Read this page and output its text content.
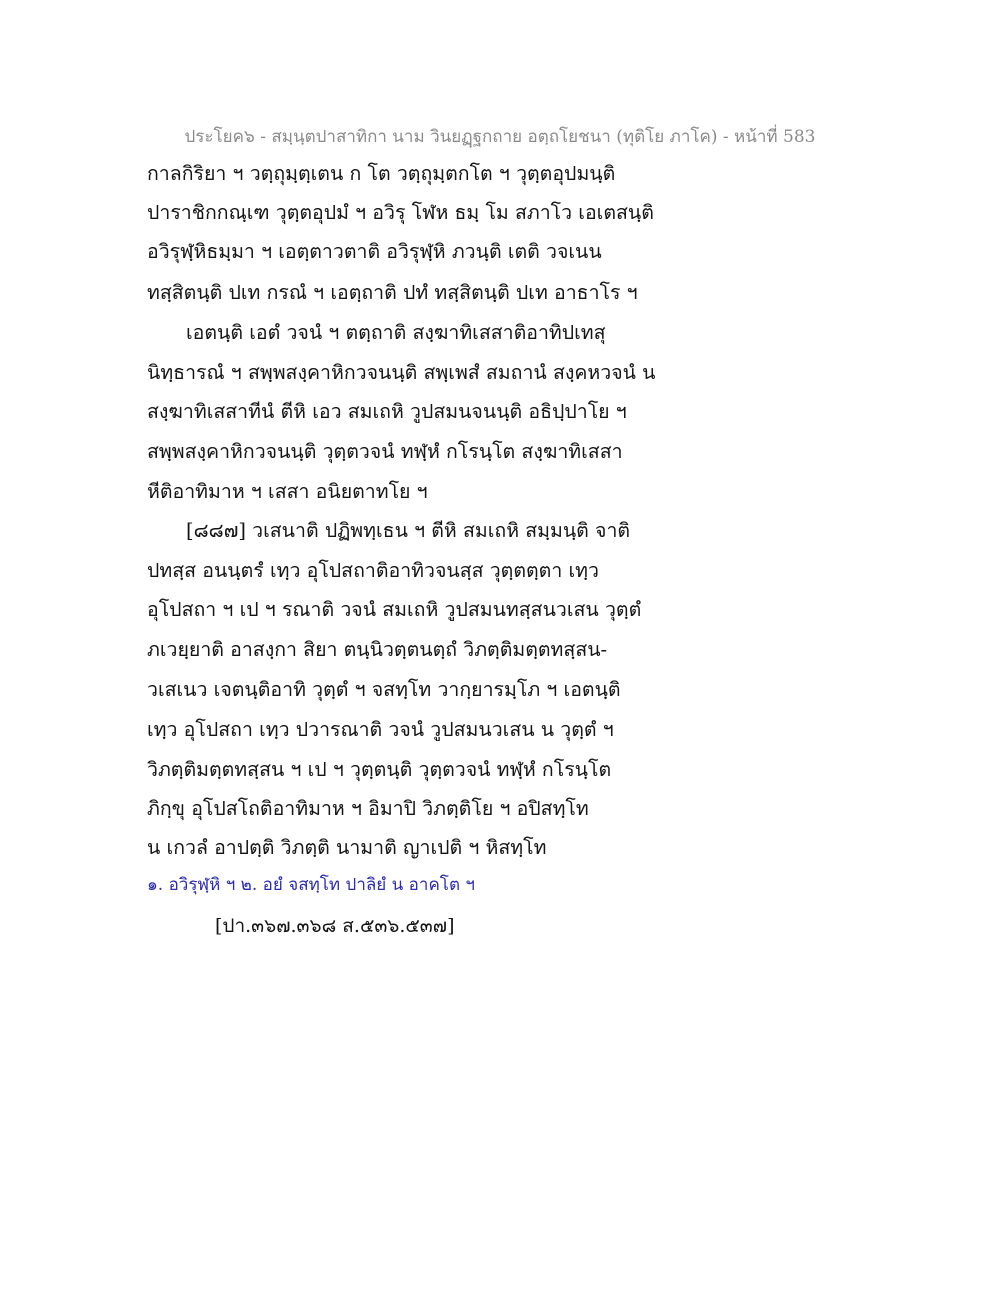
ประโยค๖ - สมฺนฺตปาสาทิกา นาม วินยฏฺฐกถาย อตฺถโยชนา (ทุติโย ภาโค) - หน้าที่ 583
กาลกิริยา ฯ วตฺถุมฺตฺเตน ก โต วตฺถุมฺตกโต ฯ วุตฺตอุปมนฺติ
ปาราชิกกณฺเฑ วุตฺตอุปมํ ฯ อวิรุ โฬห ธมฺ โม สภาโว เอเตสนฺติ
อวิรุฬฺหิธมฺมา ฯ เอตฺตาวตาติ อวิรุฬฺหิ ภวนฺติ เตติ วจเนน
ทสฺสิตนฺติ ปเท กรณํ ฯ เอตฺถาติ ปทํ ทสฺสิตนฺติ ปเท อาธาโร ฯ
เอตนฺติ เอตํ วจนํ ฯ ตตฺถาติ สงฺฆาทิเสสาติอาทิปเทสุ
นิทฺธารณํ ฯ สพฺพสงฺคาหิกวจนนฺติ สพฺเพสํ สมถานํ สงฺคหวจนํ น
สงฺฆาทิเสสาทีนํ ตีหิ เอว สมเถหิ วูปสมนจนนฺติ อธิปฺปาโย ฯ
สพฺพสงฺคาหิกวจนนฺติ วุตฺตวจนํ ทฬฺหํ กโรนฺโต สงฺฆาทิเสสา
หีติอาทิมาห ฯ เสสา อนิยตาทโย ฯ
[๘๘๗] วเสนาติ ปฏิพทฺเธน ฯ ตีหิ สมเถหิ สมฺมนฺติ จาติ
ปทสฺส อนนฺตรํ เทฺว อุโปสถาติอาทิวจนสฺส วุตฺตตฺตา เทฺว
อุโปสถา ฯ เป ฯ รณาติ วจนํ สมเถหิ วูปสมนทสฺสนวเสน วุตฺตํ
ภเวยฺยาติ อาสงฺกา สิยา ตนฺนิวตฺตนตฺถํ วิภตฺติมตฺตทสฺสน-
วเสเนว เจตนฺติอาทิ วุตฺตํ ฯ จสทฺโท วากฺยารมฺโภ ฯ เอตนฺติ
เทฺว อุโปสถา เทฺว ปวารณาติ วจนํ วูปสมนวเสน น วุตฺตํ ฯ
วิภตฺติมตฺตทสฺสน ฯ เป ฯ วุตฺตนฺติ วุตฺตวจนํ ทฬฺหํ กโรนฺโต
ภิกฺขุ อุโปสโถติอาทิมาห ฯ อิมาปิ วิภตฺติโย ฯ อปิสทฺโท
น เกวลํ อาปตฺติ วิภตฺติ นามาติ ญาเปติ ฯ หิสทฺโท
๑. อวิรุฬฺหิ ฯ ๒. อยํ จสทฺโท ปาลิยํ น อาคโต ฯ
[ปา.๓๖๗.๓๖๘ ส.๕๓๖.๕๓๗]
